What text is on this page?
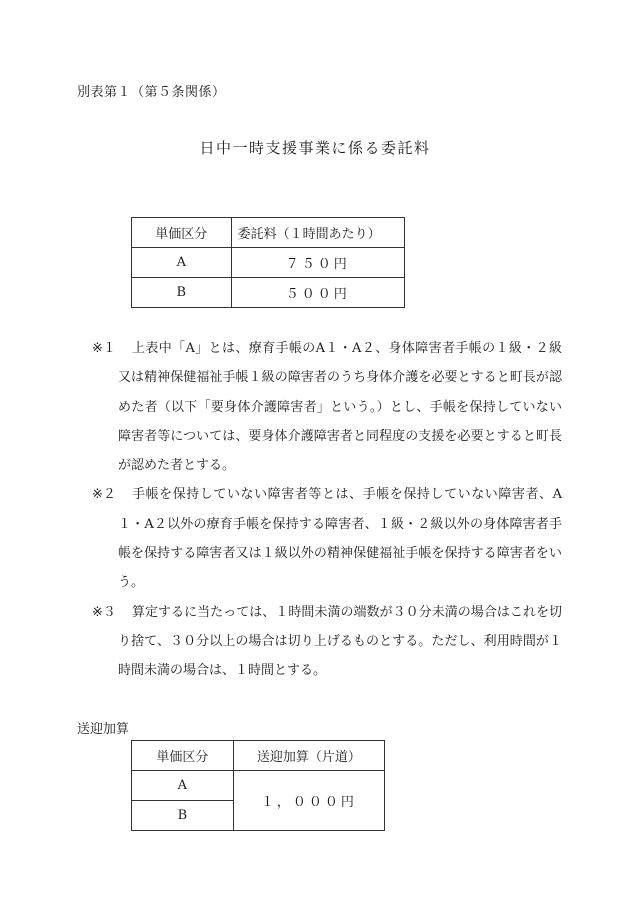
別表第１（第５条関係）
日中一時支援事業に係る委託料
単価区分	委託料（１時間あたり）
A	７５０円
B	５００円
※１	上表中「A」とは、療育手帳のA１・A２、身体障害者手帳の１級・２級又は精神保健福祉手帳１級の障害者のうち身体介護を必要とすると町長が認めた者（以下「要身体介護障害者」という。）とし、手帳を保持していない障害者等については、要身体介護障害者と同程度の支援を必要とすると町長が認めた者とする。
※２	手帳を保持していない障害者等とは、手帳を保持していない障害者、A１・A２以外の療育手帳を保持する障害者、１級・２級以外の身体障害者手帳を保持する障害者又は１級以外の精神保健福祉手帳を保持する障害者をいう。
※３	算定するに当たっては、１時間未満の端数が３０分未満の場合はこれを切り捨て、３０分以上の場合は切り上げるものとする。ただし、利用時間が１時間未満の場合は、１時間とする。
送迎加算
単価区分	送迎加算（片道）
A	１，０００円
B	
